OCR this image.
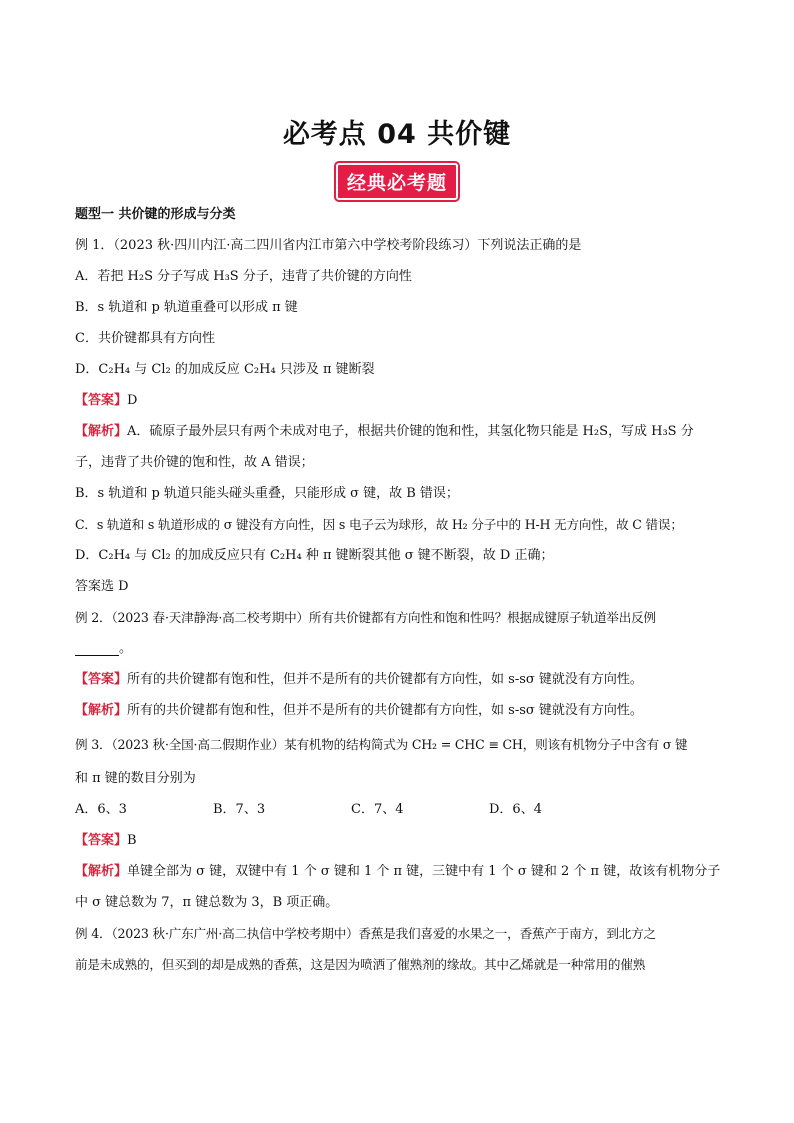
必考点 04 共价键
经典必考题
题型一 共价键的形成与分类
例 1．（2023 秋·四川内江·高二四川省内江市第六中学校考阶段练习）下列说法正确的是
A．若把 H₂S 分子写成 H₃S 分子，违背了共价键的方向性
B．s 轨道和 p 轨道重叠可以形成 π 键
C．共价键都具有方向性
D．C₂H₄ 与 Cl₂ 的加成反应 C₂H₄ 只涉及 π 键断裂
【答案】D
【解析】A．硫原子最外层只有两个未成对电子，根据共价键的饱和性，其氢化物只能是 H₂S，写成 H₃S 分
子，违背了共价键的饱和性，故 A 错误；
B．s 轨道和 p 轨道只能头碰头重叠，只能形成 σ 键，故 B 错误；
C．s 轨道和 s 轨道形成的 σ 键没有方向性，因 s 电子云为球形，故 H₂ 分子中的 H-H 无方向性，故 C 错误；
D．C₂H₄ 与 Cl₂ 的加成反应只有 C₂H₄ 种 π 键断裂其他 σ 键不断裂，故 D 正确；
答案选 D
例 2．（2023 春·天津静海·高二校考期中）所有共价键都有方向性和饱和性吗？根据成键原子轨道举出反例
。
【答案】所有的共价键都有饱和性，但并不是所有的共价键都有方向性，如 s-sσ 键就没有方向性。
【解析】所有的共价键都有饱和性，但并不是所有的共价键都有方向性，如 s-sσ 键就没有方向性。
例 3．（2023 秋·全国·高二假期作业）某有机物的结构简式为 CH₂ = CHC ≡ CH，则该有机物分子中含有 σ 键
和 π 键的数目分别为
A．6、3	B．7、3	C．7、4	D．6、4
【答案】B
【解析】单键全部为 σ 键，双键中有 1 个 σ 键和 1 个 π 键，三键中有 1 个 σ 键和 2 个 π 键，故该有机物分子
中 σ 键总数为 7，π 键总数为 3，B 项正确。
例 4．（2023 秋·广东广州·高二执信中学校考期中）香蕉是我们喜爱的水果之一，香蕉产于南方，到北方之
前是未成熟的，但买到的却是成熟的香蕉，这是因为喷洒了催熟剂的缘故。其中乙烯就是一种常用的催熟
